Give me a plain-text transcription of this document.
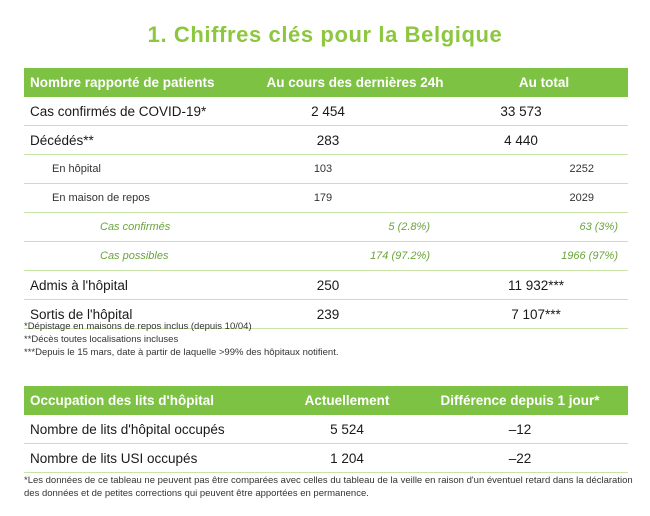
1. Chiffres clés pour la Belgique
Nombre rapporté de patients	Au cours des dernières 24h	Au total
Cas confirmés de COVID-19*	2 454	33 573
Décédés**	283	4 440
En hôpital	103	2252
En maison de repos	179	2029
Cas confirmés	5 (2.8%)	63 (3%)
Cas possibles	174 (97.2%)	1966 (97%)
Admis à l'hôpital	250	11 932***
Sortis de l'hôpital	239	7 107***
*Dépistage en maisons de repos inclus (depuis 10/04)
**Décès toutes localisations incluses
***Depuis le 15 mars, date à partir de laquelle >99% des hôpitaux notifient.
Occupation des lits d'hôpital	Actuellement	Différence depuis 1 jour*
Nombre de lits d'hôpital occupés	5 524	–12
Nombre de lits USI occupés	1 204	–22
*Les données de ce tableau ne peuvent pas être comparées avec celles du tableau de la veille en raison d'un éventuel retard dans la déclaration des données et de petites corrections qui peuvent être apportées en permanence.
